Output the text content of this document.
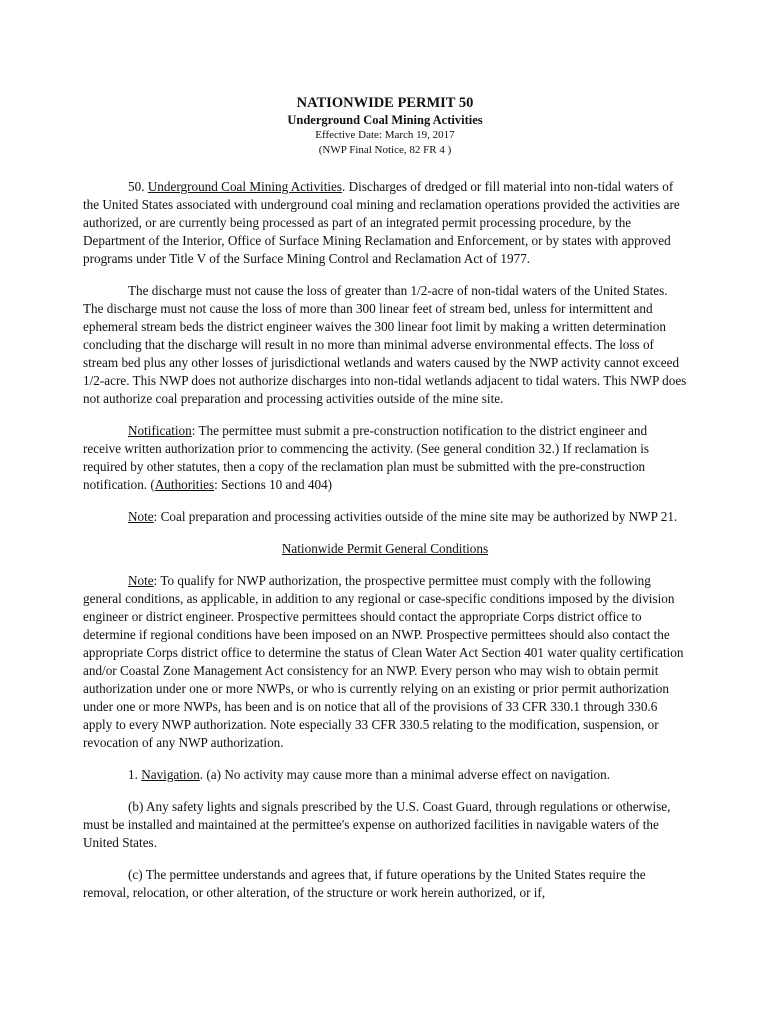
NATIONWIDE PERMIT 50
Underground Coal Mining Activities
Effective Date: March 19, 2017
(NWP Final Notice, 82 FR 4 )

50. Underground Coal Mining Activities. Discharges of dredged or fill material into non-tidal waters of the United States associated with underground coal mining and reclamation operations provided the activities are authorized, or are currently being processed as part of an integrated permit processing procedure, by the Department of the Interior, Office of Surface Mining Reclamation and Enforcement, or by states with approved programs under Title V of the Surface Mining Control and Reclamation Act of 1977.

The discharge must not cause the loss of greater than 1/2-acre of non-tidal waters of the United States. The discharge must not cause the loss of more than 300 linear feet of stream bed, unless for intermittent and ephemeral stream beds the district engineer waives the 300 linear foot limit by making a written determination concluding that the discharge will result in no more than minimal adverse environmental effects. The loss of stream bed plus any other losses of jurisdictional wetlands and waters caused by the NWP activity cannot exceed 1/2-acre. This NWP does not authorize discharges into non-tidal wetlands adjacent to tidal waters. This NWP does not authorize coal preparation and processing activities outside of the mine site.

Notification: The permittee must submit a pre-construction notification to the district engineer and receive written authorization prior to commencing the activity. (See general condition 32.) If reclamation is required by other statutes, then a copy of the reclamation plan must be submitted with the pre-construction notification. (Authorities: Sections 10 and 404)

Note: Coal preparation and processing activities outside of the mine site may be authorized by NWP 21.

Nationwide Permit General Conditions

Note: To qualify for NWP authorization, the prospective permittee must comply with the following general conditions, as applicable, in addition to any regional or case-specific conditions imposed by the division engineer or district engineer. Prospective permittees should contact the appropriate Corps district office to determine if regional conditions have been imposed on an NWP. Prospective permittees should also contact the appropriate Corps district office to determine the status of Clean Water Act Section 401 water quality certification and/or Coastal Zone Management Act consistency for an NWP. Every person who may wish to obtain permit authorization under one or more NWPs, or who is currently relying on an existing or prior permit authorization under one or more NWPs, has been and is on notice that all of the provisions of 33 CFR 330.1 through 330.6 apply to every NWP authorization. Note especially 33 CFR 330.5 relating to the modification, suspension, or revocation of any NWP authorization.

1. Navigation. (a) No activity may cause more than a minimal adverse effect on navigation.

(b) Any safety lights and signals prescribed by the U.S. Coast Guard, through regulations or otherwise, must be installed and maintained at the permittee's expense on authorized facilities in navigable waters of the United States.

(c) The permittee understands and agrees that, if future operations by the United States require the removal, relocation, or other alteration, of the structure or work herein authorized, or if,
